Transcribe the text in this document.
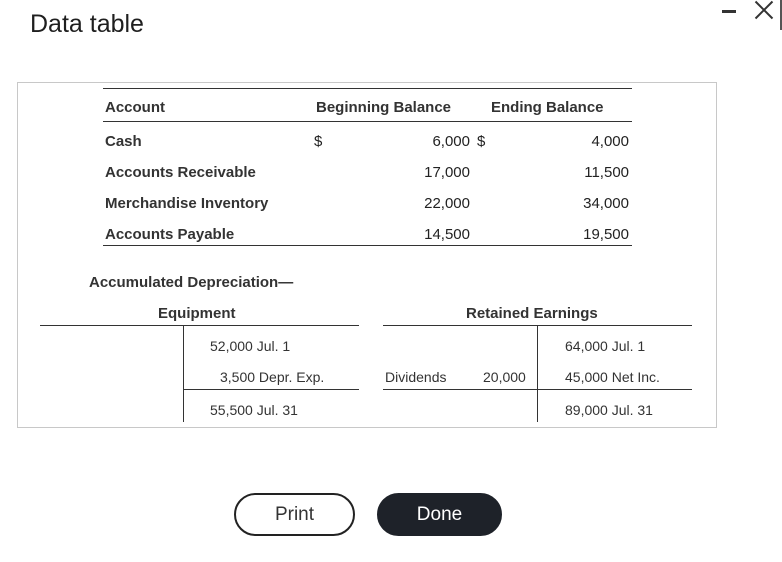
Data table
Account	Beginning Balance	Ending Balance
Cash	$	6,000 $	4,000
Accounts Receivable	17,000	11,500
Merchandise Inventory	22,000	34,000
Accounts Payable	14,500	19,500
Accumulated Depreciation—
Equipment
52,000 Jul. 1
3,500 Depr. Exp.
55,500 Jul. 31
Retained Earnings
Dividends	20,000
64,000 Jul. 1
45,000 Net Inc.
89,000 Jul. 31
Print	Done
